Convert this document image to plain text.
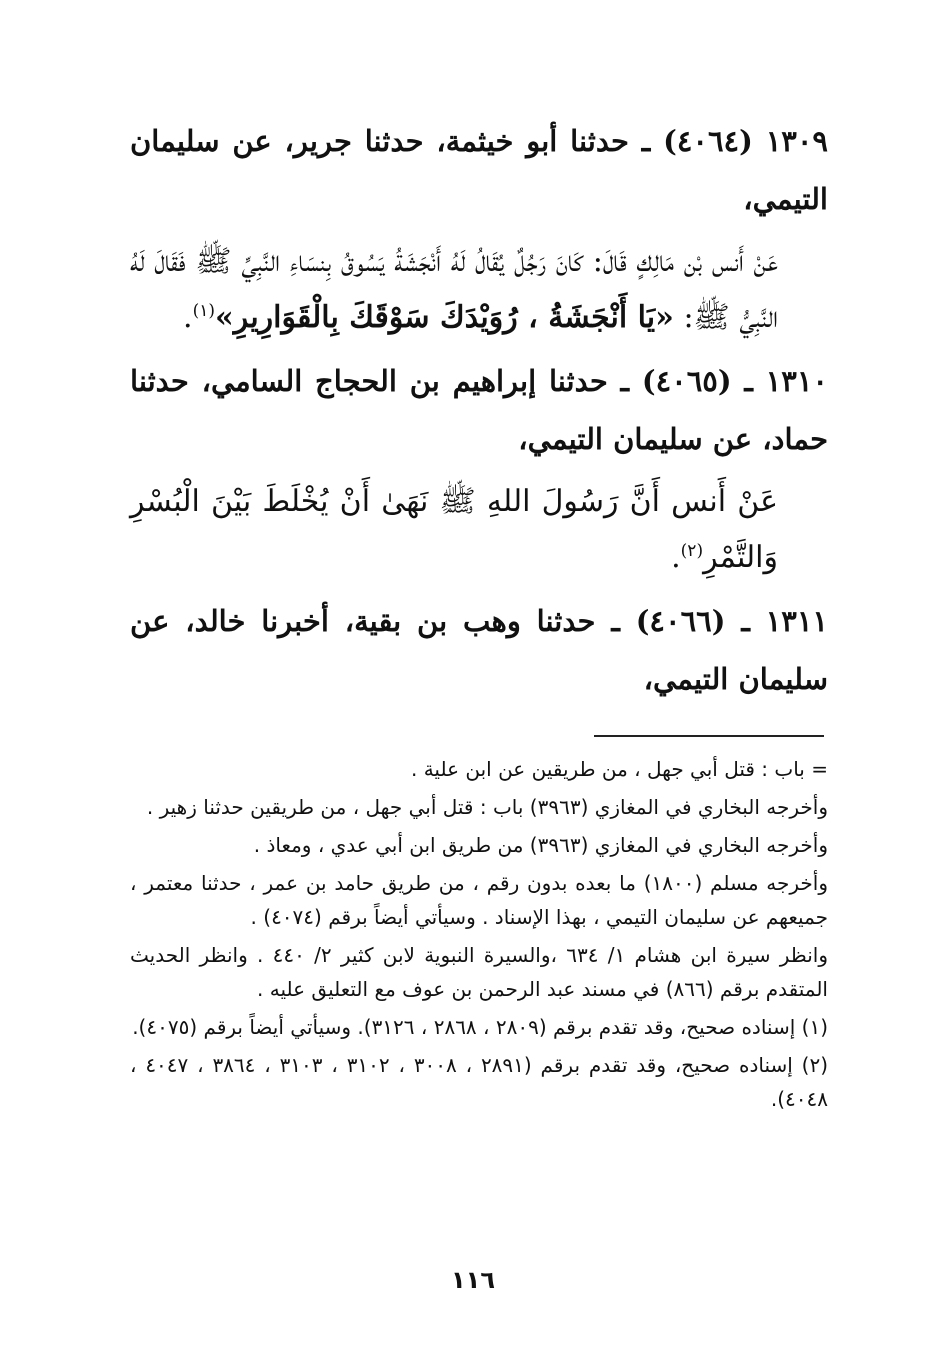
١٣٠٩ (٤٠٦٤) ـ حدثنا أبو خيثمة، حدثنا جرير، عن سليمان التيمي،

عَنْ أَنس بْن مَالِكٍ قَالَ: كَانَ رَجُلٌ يُقَالُ لَهُ أَنْجَشَةُ يَسُوقُ بِنسَاءِ النَّبِيِّ ﷺ فَقَالَ لَهُ النَّبِيُّ ﷺ: «يَا أَنْجَشَةُ ، رُوَيْدَكَ سَوْقَكَ بِالْقَوَارِيرِ»$^{(١)}$.

١٣١٠ ـ (٤٠٦٥) ـ حدثنا إبراهيم بن الحجاج السامي، حدثنا حماد، عن سليمان التيمي،

عَنْ أَنس أَنَّ رَسُولَ اللهِ ﷺ نَهَىٰ أَنْ يُخْلَطَ بَيْنَ الْبُسْرِ وَالتَّمْرِ$^{(٢)}$.

١٣١١ ـ (٤٠٦٦) ـ حدثنا وهب بن بقية، أخبرنا خالد، عن سليمان التيمي،

= باب : قتل أبي جهل ، من طريقين عن ابن علية .

وأخرجه البخاري في المغازي (٣٩٦٣) باب : قتل أبي جهل ، من طريقين حدثنا زهير .

وأخرجه البخاري في المغازي (٣٩٦٣) من طريق ابن أبي عدي ، ومعاذ .

وأخرجه مسلم (١٨٠٠) ما بعده بدون رقم ، من طريق حامد بن عمر ، حدثنا معتمر ، جميعهم عن سليمان التيمي ، بهذا الإسناد . وسيأتي أيضاً برقم (٤٠٧٤) .

وانظر سيرة ابن هشام ١/ ٦٣٤ ،والسيرة النبوية لابن كثير ٢/ ٤٤٠ . وانظر الحديث المتقدم برقم (٨٦٦) في مسند عبد الرحمن بن عوف مع التعليق عليه .

(١) إسناده صحيح، وقد تقدم برقم (٢٨٠٩ ، ٢٨٦٨ ، ٣١٢٦). وسيأتي أيضاً برقم (٤٠٧٥).

(٢) إسناده صحيح، وقد تقدم برقم (٢٨٩١ ، ٣٠٠٨ ، ٣١٠٢ ، ٣١٠٣ ، ٣٨٦٤ ، ٤٠٤٧ ، ٤٠٤٨).

١١٦
